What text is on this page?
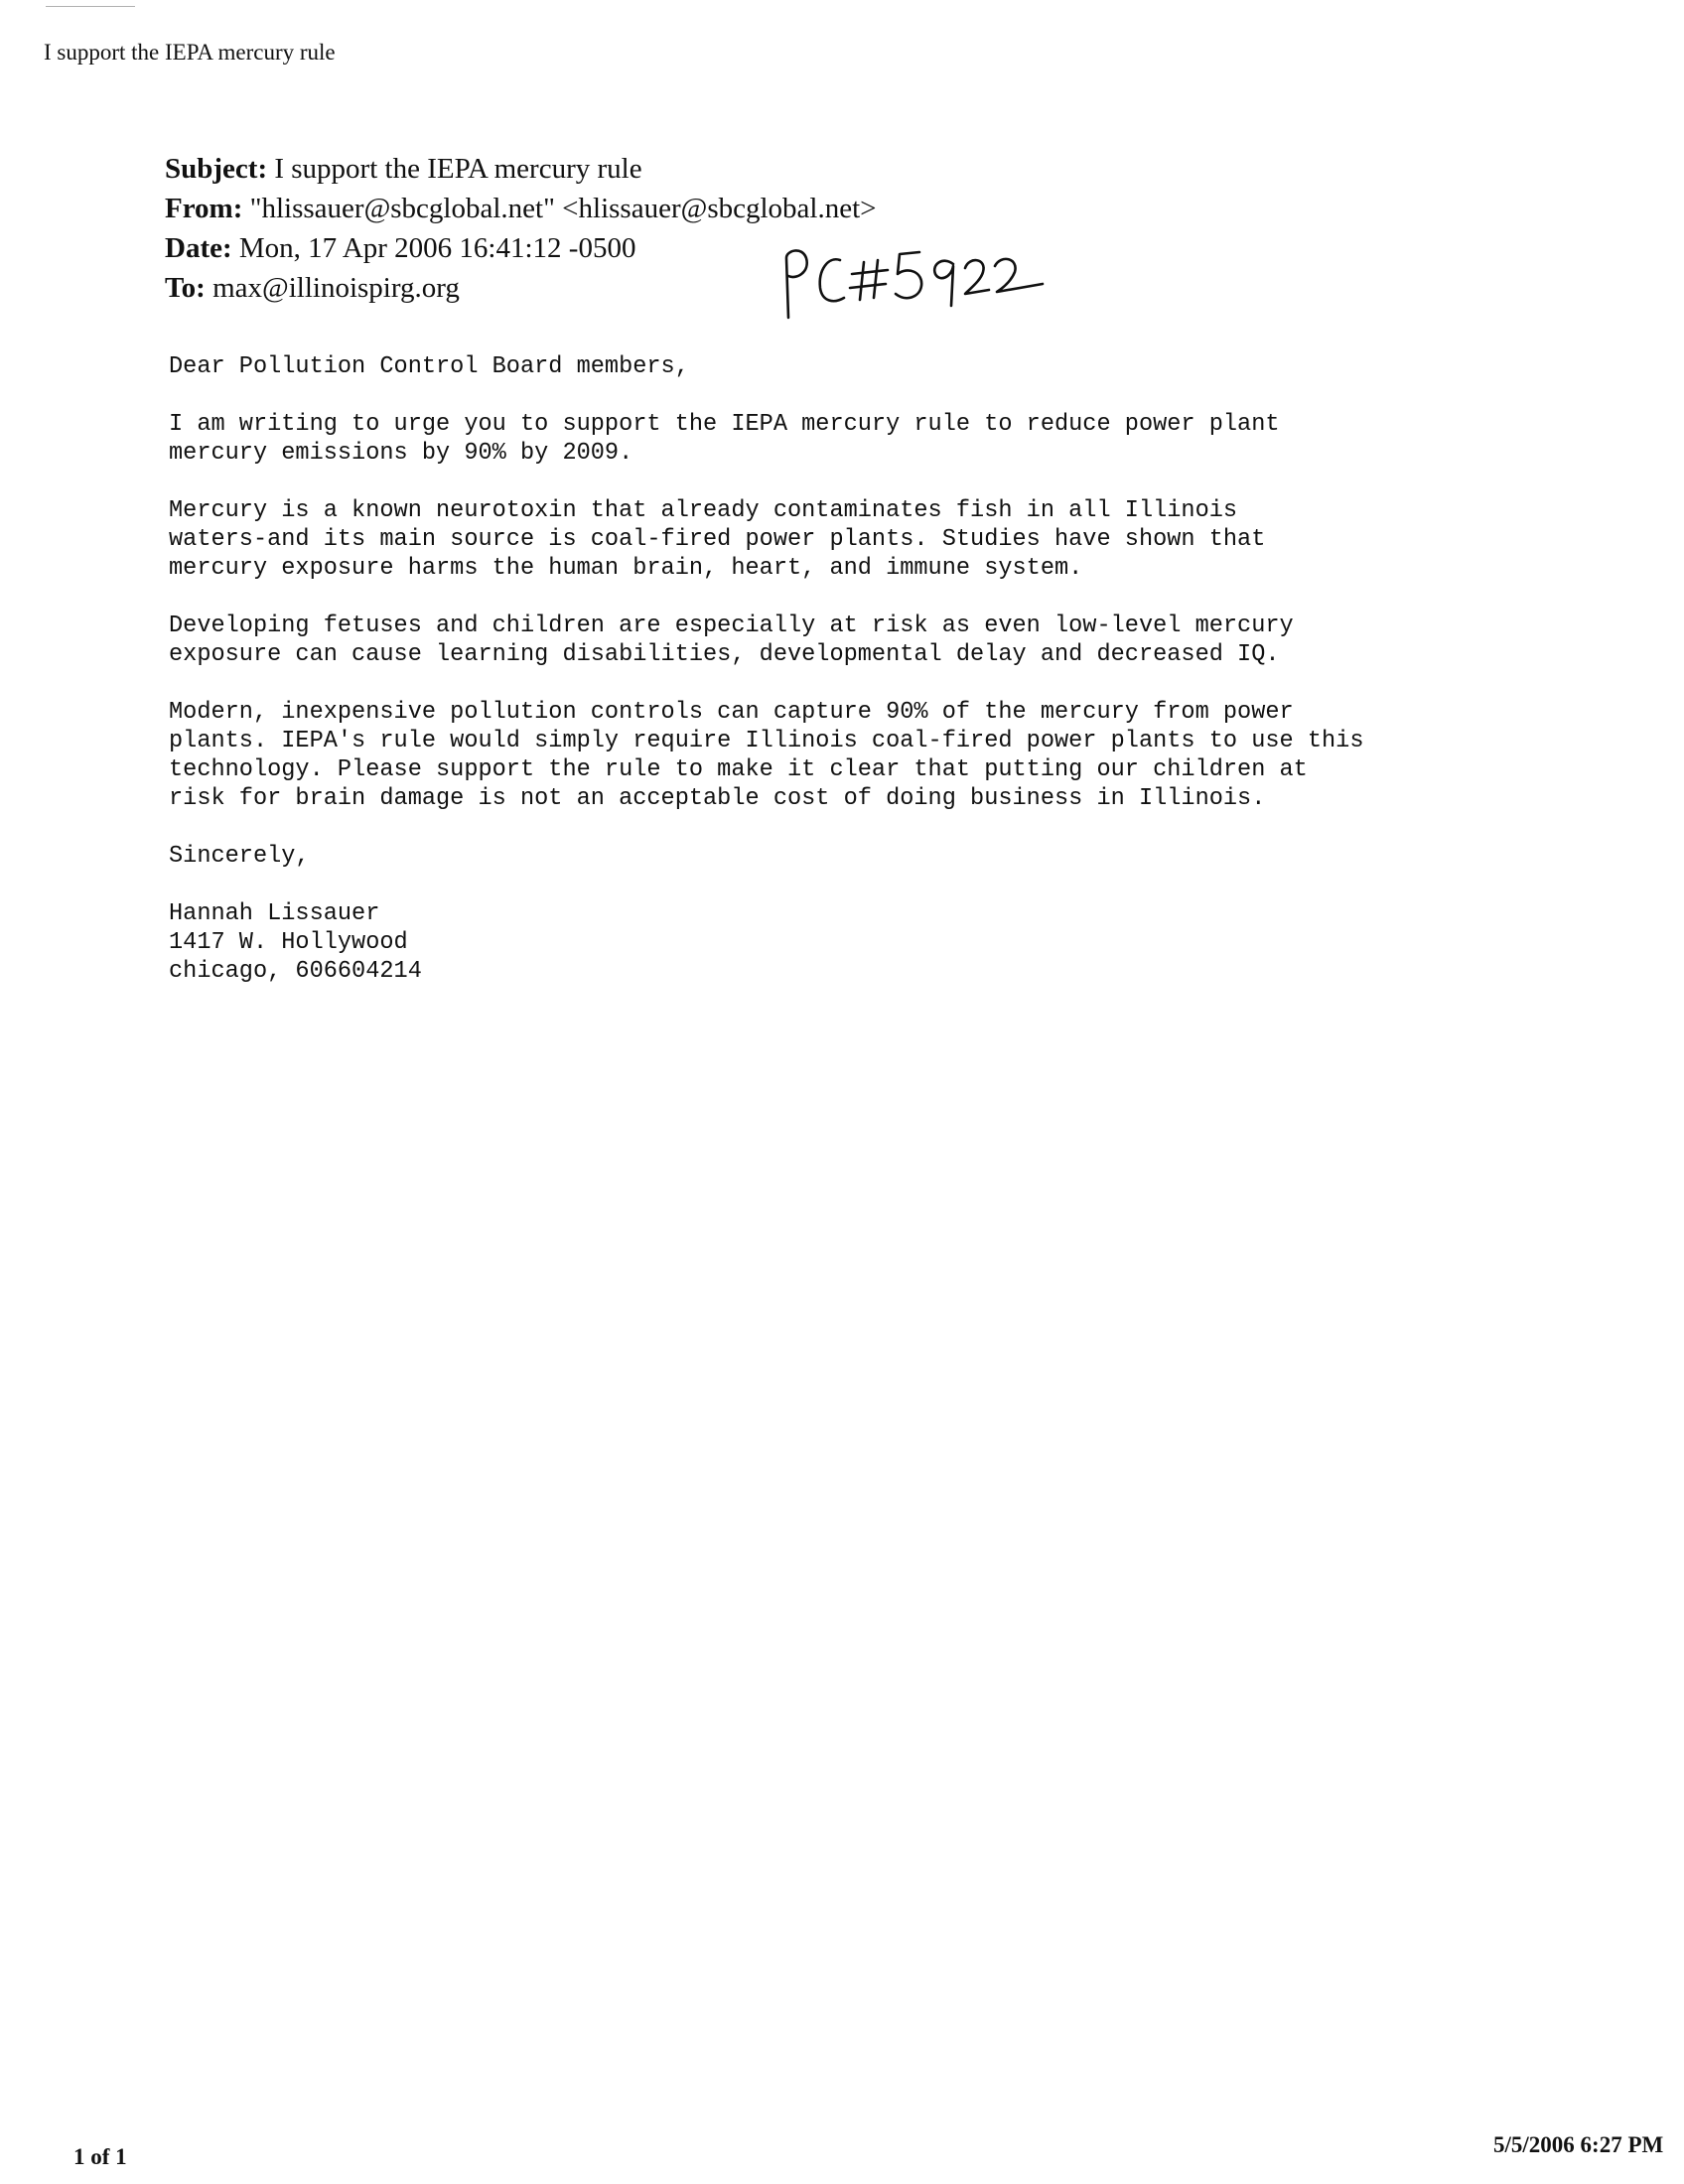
I support the IEPA mercury rule
Subject: I support the IEPA mercury rule
From: "hlissauer@sbcglobal.net" <hlissauer@sbcglobal.net>
Date: Mon, 17 Apr 2006 16:41:12 -0500
To: max@illinoispirg.org

Dear Pollution Control Board members,

I am writing to urge you to support the IEPA mercury rule to reduce power plant
mercury emissions by 90% by 2009.

Mercury is a known neurotoxin that already contaminates fish in all Illinois
waters-and its main source is coal-fired power plants. Studies have shown that
mercury exposure harms the human brain, heart, and immune system.

Developing fetuses and children are especially at risk as even low-level mercury
exposure can cause learning disabilities, developmental delay and decreased IQ.

Modern, inexpensive pollution controls can capture 90% of the mercury from power
plants. IEPA's rule would simply require Illinois coal-fired power plants to use this
technology. Please support the rule to make it clear that putting our children at
risk for brain damage is not an acceptable cost of doing business in Illinois.

Sincerely,

Hannah Lissauer
1417 W. Hollywood
chicago, 606604214
1 of 1	5/5/2006 6:27 PM
